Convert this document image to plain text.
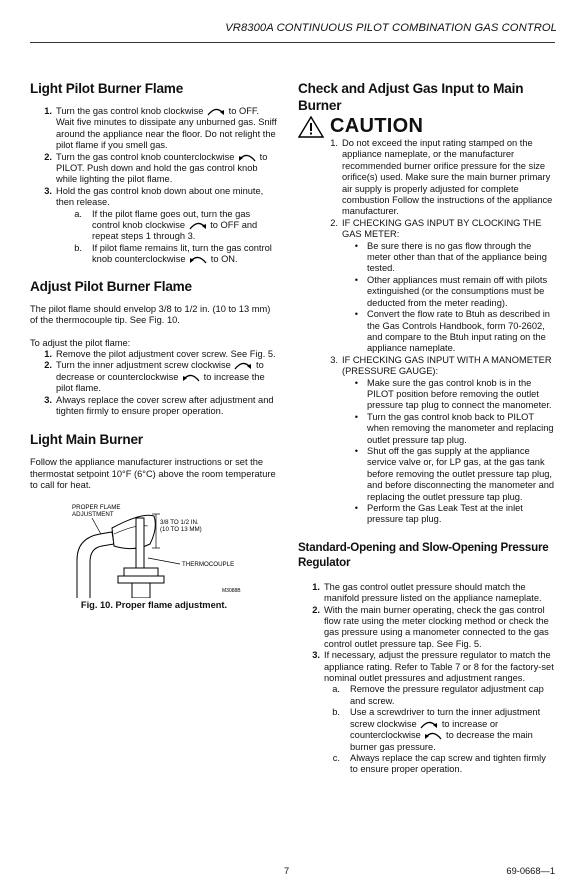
VR8300A CONTINUOUS PILOT COMBINATION GAS CONTROL
Light Pilot Burner Flame
1. Turn the gas control knob clockwise	to OFF. Wait five minutes to dissipate any unburned gas. Sniff around the appliance near the floor. Do not relight the pilot flame if you smell gas.
2. Turn the gas control knob counterclockwise	to PILOT. Push down and hold the gas control knob while lighting the pilot flame.
3. Hold the gas control knob down about one minute, then release.
a.	If the pilot flame goes out, turn the gas control knob clockwise	to OFF and repeat steps 1 through 3.
b.	If pilot flame remains lit, turn the gas control knob counterclockwise	to ON.
Adjust Pilot Burner Flame

The pilot flame should envelop 3/8 to 1/2 in. (10 to 13 mm) of the thermocouple tip. See Fig. 10.

To adjust the pilot flame:

1. Remove the pilot adjustment cover screw. See Fig. 5.
2. Turn the inner adjustment screw clockwise	to decrease or counterclockwise	to increase the pilot flame.
3. Always replace the cover screw after adjustment and tighten firmly to ensure proper operation.
Light Main Burner

Follow the appliance manufacturer instructions or set the thermostat setpoint 10°F (6°C) above the room temperature to call for heat.

PROPER FLAME
ADJUSTMENT
3/8 TO 1/2 IN.
(10 TO 13 MM)
THERMOCOUPLE
M3088B
Fig. 10. Proper flame adjustment.
Check and Adjust Gas Input to Main Burner
CAUTION
1. Do not exceed the input rating stamped on the appliance nameplate, or the manufacturer recommended burner orifice pressure for the size orifice(s) used. Make sure the main burner primary air supply is properly adjusted for complete combustion Follow the instructions of the appliance manufacturer.
2. IF CHECKING GAS INPUT BY CLOCKING THE GAS METER:
• Be sure there is no gas flow through the meter other than that of the appliance being tested.
• Other appliances must remain off with pilots extinguished (or the consumptions must be deducted from the meter reading).
• Convert the flow rate to Btuh as described in the Gas Controls Handbook, form 70-2602, and compare to the Btuh input rating on the appliance nameplate.
3. IF CHECKING GAS INPUT WITH A MANOMETER (PRESSURE GAUGE):
• Make sure the gas control knob is in the PILOT position before removing the outlet pressure tap plug to connect the manometer.
• Turn the gas control knob back to PILOT when removing the manometer and replacing outlet pressure tap plug.
• Shut off the gas supply at the appliance service valve or, for LP gas, at the gas tank before removing the outlet pressure tap plug, and before disconnecting the manometer and replacing the outlet pressure tap plug.
• Perform the Gas Leak Test at the inlet pressure tap plug.
Standard-Opening and Slow-Opening Pressure Regulator
1. The gas control outlet pressure should match the manifold pressure listed on the appliance nameplate.
2. With the main burner operating, check the gas control flow rate using the meter clocking method or check the gas pressure using a manometer connected to the gas control outlet pressure tap. See Fig. 5.
3. If necessary, adjust the pressure regulator to match the appliance rating. Refer to Table 7 or 8 for the factory-set nominal outlet pressures and adjustment ranges.
a.	Remove the pressure regulator adjustment cap and screw.
b.	Use a screwdriver to turn the inner adjustment screw clockwise	to increase or counterclockwise	to decrease the main burner gas pressure.
c.	Always replace the cap screw and tighten firmly to ensure proper operation.
7	69-0668—1
